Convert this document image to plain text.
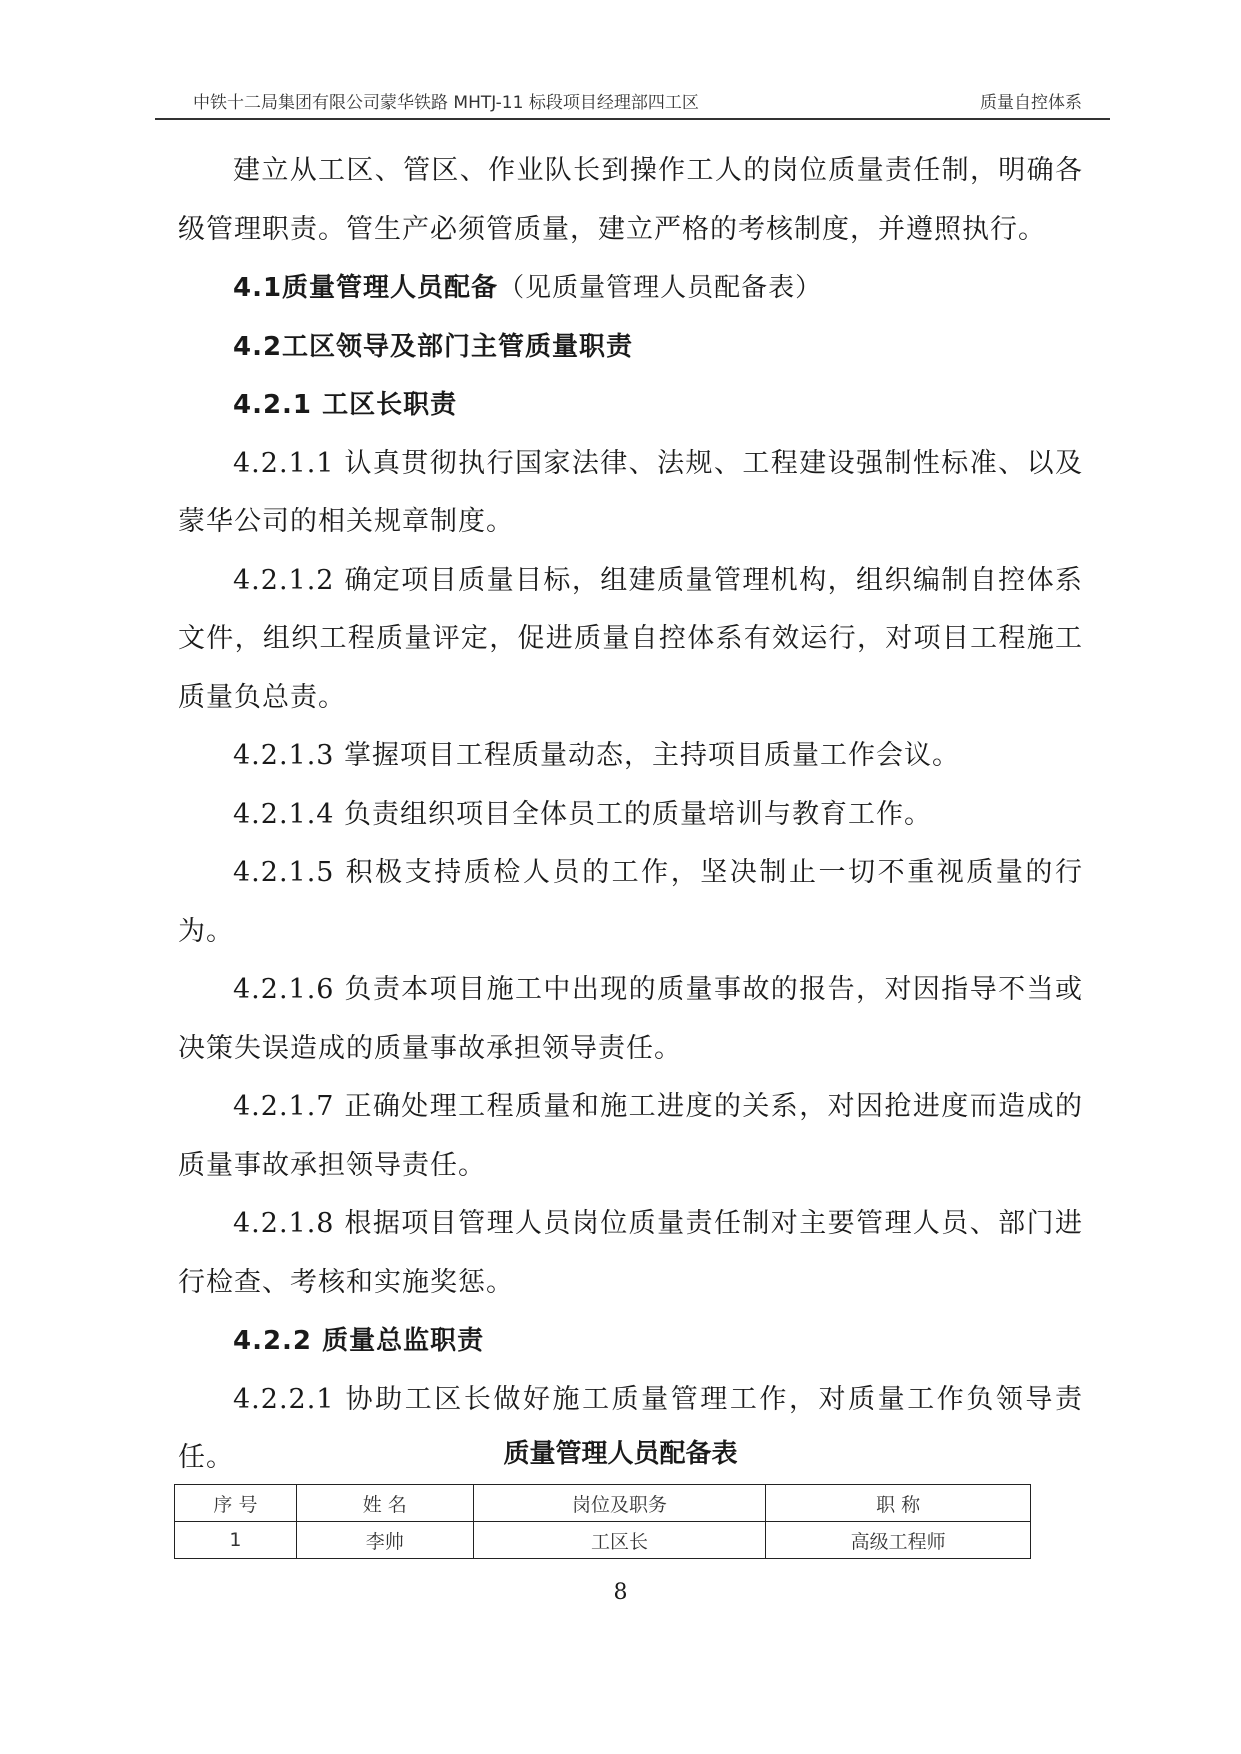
中铁十二局集团有限公司蒙华铁路 MHTJ-11 标段项目经理部四工区	质量自控体系

建立从工区、管区、作业队长到操作工人的岗位质量责任制，明确各级管理职责。管生产必须管质量，建立严格的考核制度，并遵照执行。

4.1质量管理人员配备（见质量管理人员配备表）

4.2工区领导及部门主管质量职责

4.2.1 工区长职责

4.2.1.1 认真贯彻执行国家法律、法规、工程建设强制性标准、以及蒙华公司的相关规章制度。

4.2.1.2 确定项目质量目标，组建质量管理机构，组织编制自控体系文件，组织工程质量评定，促进质量自控体系有效运行，对项目工程施工质量负总责。

4.2.1.3 掌握项目工程质量动态，主持项目质量工作会议。

4.2.1.4 负责组织项目全体员工的质量培训与教育工作。

4.2.1.5 积极支持质检人员的工作，坚决制止一切不重视质量的行为。

4.2.1.6 负责本项目施工中出现的质量事故的报告，对因指导不当或决策失误造成的质量事故承担领导责任。

4.2.1.7 正确处理工程质量和施工进度的关系，对因抢进度而造成的质量事故承担领导责任。

4.2.1.8 根据项目管理人员岗位质量责任制对主要管理人员、部门进行检查、考核和实施奖惩。

4.2.2 质量总监职责

4.2.2.1 协助工区长做好施工质量管理工作，对质量工作负领导责任。	质量管理人员配备表
序 号	姓 名	岗位及职务	职 称
1	李帅	工区长	高级工程师
8
